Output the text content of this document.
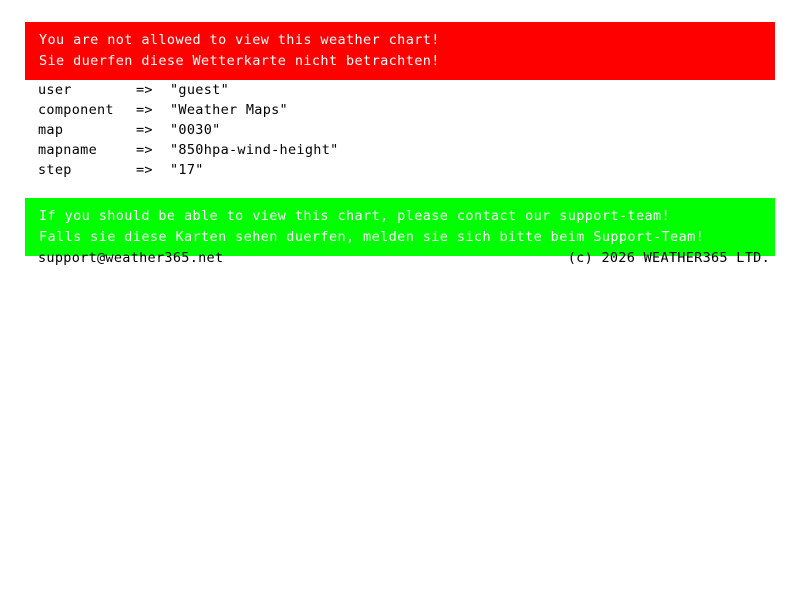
You are not allowed to view this weather chart!
Sie duerfen diese Wetterkarte nicht betrachten!
user	=>	"guest"
component	=>	"Weather Maps"
map	=>	"0030"
mapname	=>	"850hpa-wind-height"
step	=>	"17"
If you should be able to view this chart, please contact our support-team!
Falls sie diese Karten sehen duerfen, melden sie sich bitte beim Support-Team!
support@weather365.net	(c) 2026 WEATHER365 LTD.
